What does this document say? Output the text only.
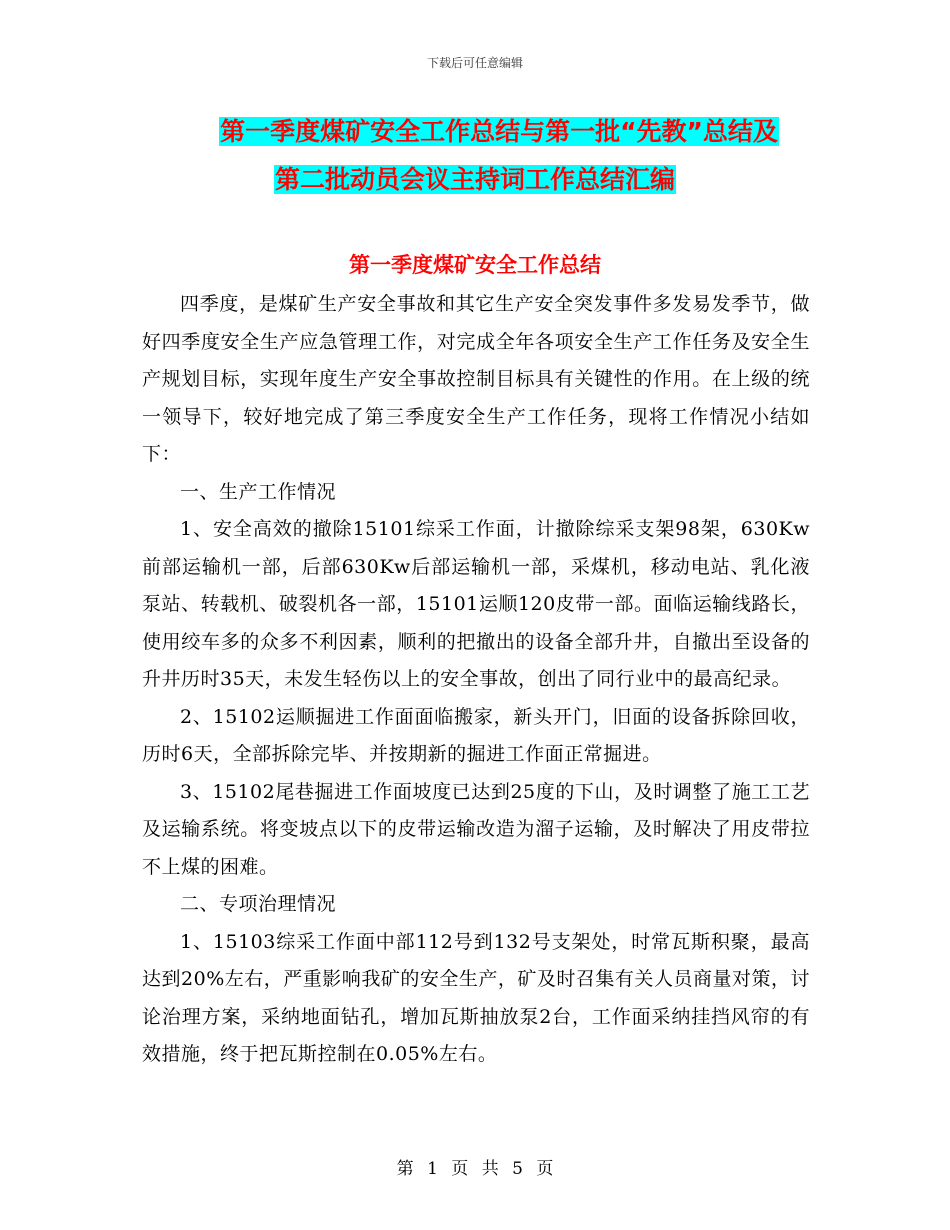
下载后可任意编辑
第一季度煤矿安全工作总结与第一批“先教”总结及
第二批动员会议主持词工作总结汇编
第一季度煤矿安全工作总结

四季度，是煤矿生产安全事故和其它生产安全突发事件多发易发季节，做好四季度安全生产应急管理工作，对完成全年各项安全生产工作任务及安全生产规划目标，实现年度生产安全事故控制目标具有关键性的作用。在上级的统一领导下，较好地完成了第三季度安全生产工作任务，现将工作情况小结如下：

一、生产工作情况

1、安全高效的撤除15101综采工作面，计撤除综采支架98架，630Kw前部运输机一部，后部630Kw后部运输机一部，采煤机，移动电站、乳化液泵站、转载机、破裂机各一部，15101运顺120皮带一部。面临运输线路长，使用绞车多的众多不利因素，顺利的把撤出的设备全部升井，自撤出至设备的升井历时35天，未发生轻伤以上的安全事故，创出了同行业中的最高纪录。

2、15102运顺掘进工作面面临搬家，新头开门，旧面的设备拆除回收，历时6天，全部拆除完毕、并按期新的掘进工作面正常掘进。

3、15102尾巷掘进工作面坡度已达到25度的下山，及时调整了施工工艺及运输系统。将变坡点以下的皮带运输改造为溜子运输，及时解决了用皮带拉不上煤的困难。

二、专项治理情况

1、15103综采工作面中部112号到132号支架处，时常瓦斯积聚，最高达到20%左右，严重影响我矿的安全生产，矿及时召集有关人员商量对策，讨论治理方案，采纳地面钻孔，增加瓦斯抽放泵2台，工作面采纳挂挡风帘的有效措施，终于把瓦斯控制在0.05%左右。

第 1 页 共 5 页
